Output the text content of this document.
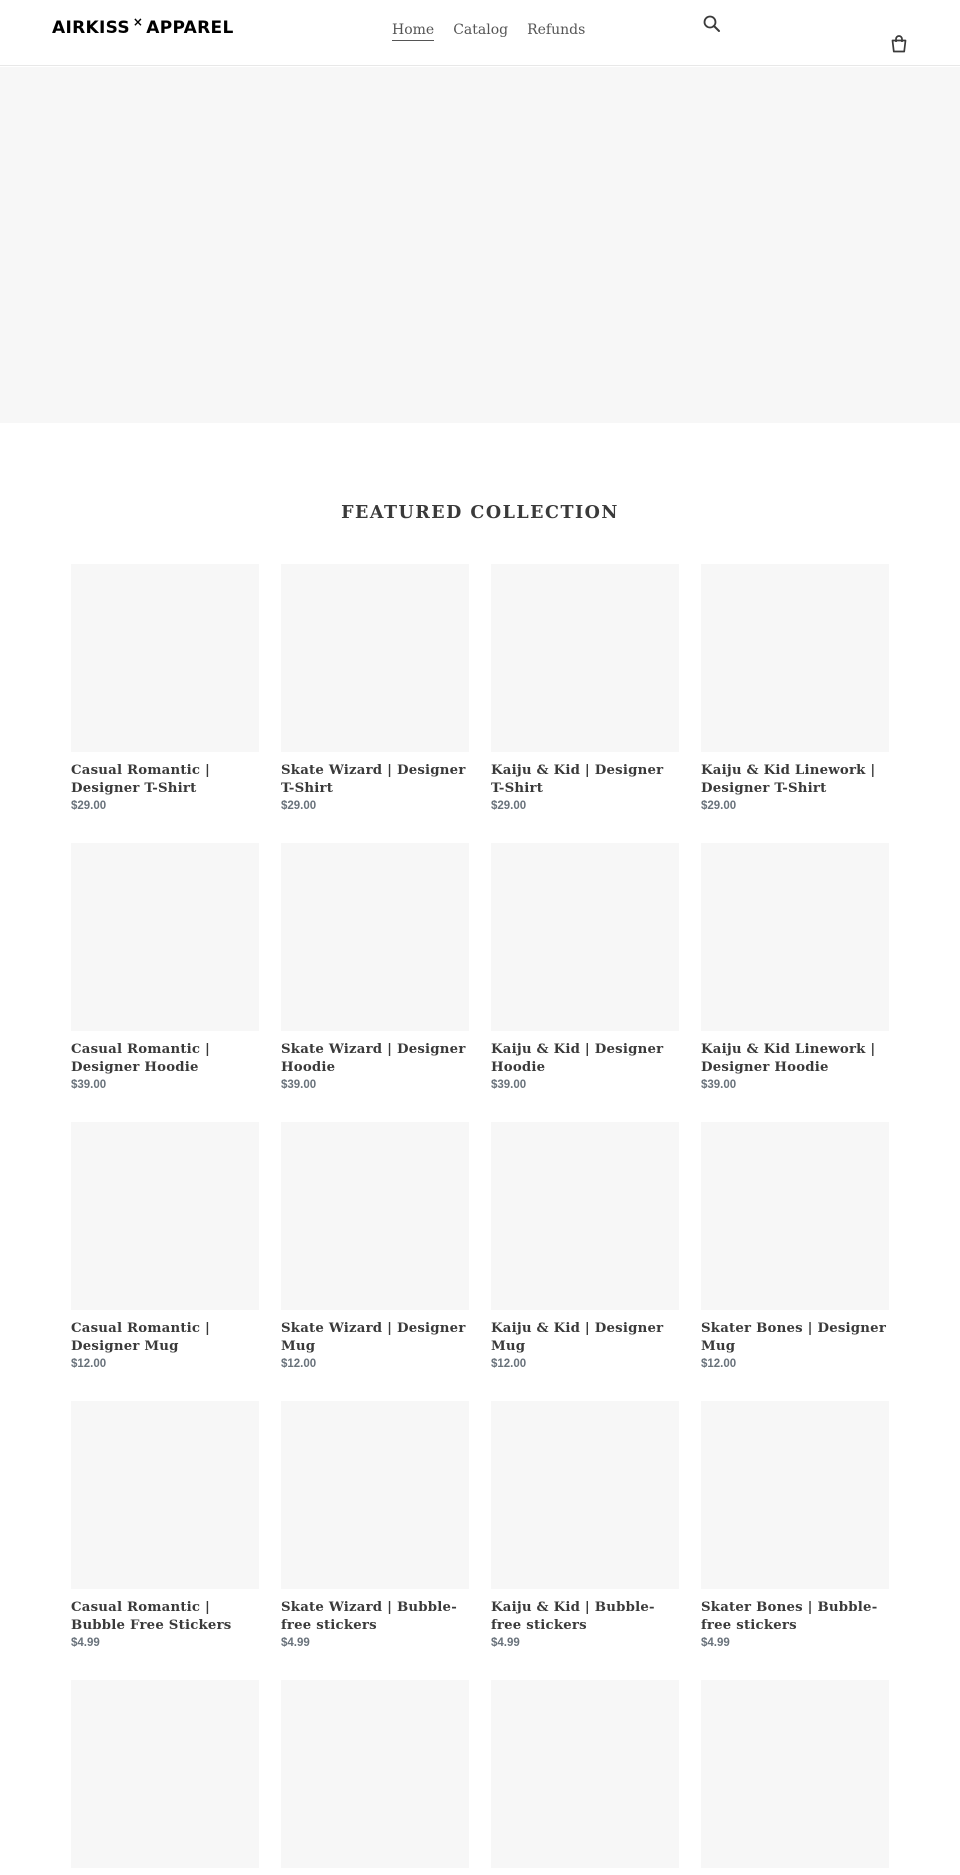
AIRKISS × APPAREL	Home Catalog Refunds
FEATURED COLLECTION
Casual Romantic | Designer T-Shirt
$29.00
Skate Wizard | Designer T-Shirt
$29.00
Kaiju & Kid | Designer T-Shirt
$29.00
Kaiju & Kid Linework | Designer T-Shirt
$29.00
Casual Romantic | Designer Hoodie
$39.00
Skate Wizard | Designer Hoodie
$39.00
Kaiju & Kid | Designer Hoodie
$39.00
Kaiju & Kid Linework | Designer Hoodie
$39.00
Casual Romantic | Designer Mug
$12.00
Skate Wizard | Designer Mug
$12.00
Kaiju & Kid | Designer Mug
$12.00
Skater Bones | Designer Mug
$12.00
Casual Romantic | Bubble Free Stickers
$4.99
Skate Wizard | Bubble-free stickers
$4.99
Kaiju & Kid | Bubble-free stickers
$4.99
Skater Bones | Bubble-free stickers
$4.99
